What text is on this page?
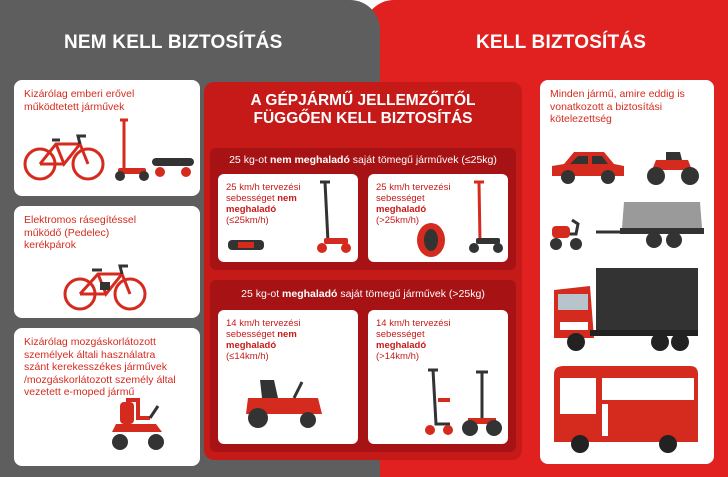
NEM KELL BIZTOSÍTÁS	KELL BIZTOSÍTÁS
Kizárólag emberi erővel működtetett járművek
Elektromos rásegítéssel működő (Pedelec) kerékpárok
Kizárólag mozgáskorlátozott személyek általi használatra szánt kerekesszékes járművek /mozgáskorlátozott személy által vezetett e-moped jármű
A GÉPJÁRMŰ JELLEMZŐITŐL
FÜGGŐEN KELL BIZTOSÍTÁS
25 kg-ot nem meghaladó saját tömegű járművek (≤25kg)
25 km/h tervezési
sebességet nem
meghaladó
(≤25km/h)
25 km/h tervezési
sebességet
meghaladó
(>25km/h)
25 kg-ot meghaladó saját tömegű járművek (>25kg)
14 km/h tervezési
sebességet nem
meghaladó
(≤14km/h)
14 km/h tervezési
sebességet
meghaladó
(>14km/h)
Minden jármű, amire eddig is vonatkozott a biztosítási kötelezettség
